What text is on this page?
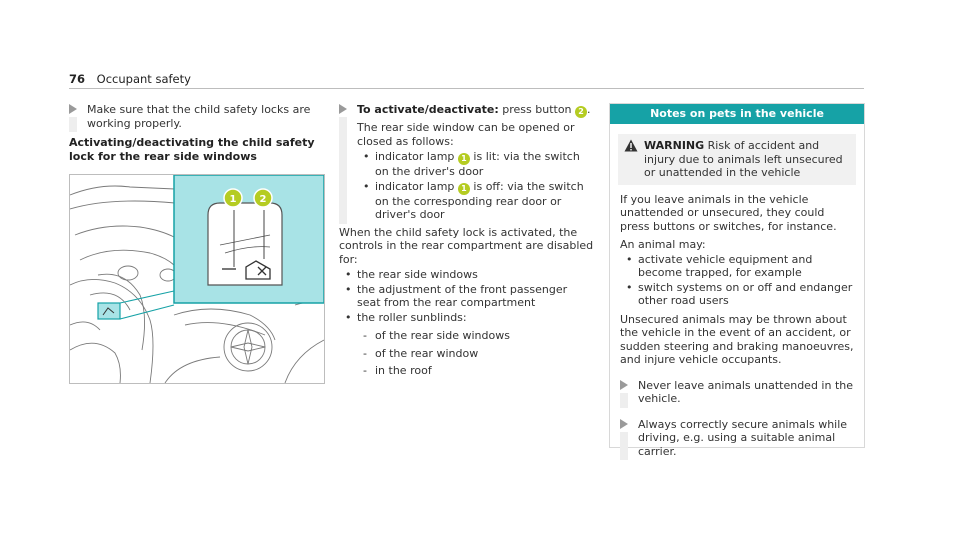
76 Occupant safety
Make sure that the child safety locks are working properly.
Activating/deactivating the child safety lock for the rear side windows
1 2
To activate/deactivate: press button 2 .
The rear side window can be opened or closed as follows:
• indicator lamp 1 is lit: via the switch on the driver's door
• indicator lamp 1 is off: via the switch on the corresponding rear door or driver's door
When the child safety lock is activated, the controls in the rear compartment are disabled for:
• the rear side windows
• the adjustment of the front passenger seat from the rear compartment
• the roller sunblinds:
- of the rear side windows
- of the rear window
- in the roof
Notes on pets in the vehicle
WARNING Risk of accident and injury due to animals left unsecured or unattended in the vehicle

If you leave animals in the vehicle unattended or unsecured, they could press buttons or switches, for instance.

An animal may:

• activate vehicle equipment and become trapped, for example
• switch systems on or off and endanger other road users

Unsecured animals may be thrown about the vehicle in the event of an accident, or sudden steering and braking manoeuvres, and injure vehicle occupants.

Never leave animals unattended in the vehicle.
Always correctly secure animals while driving, e.g. using a suitable animal carrier.
